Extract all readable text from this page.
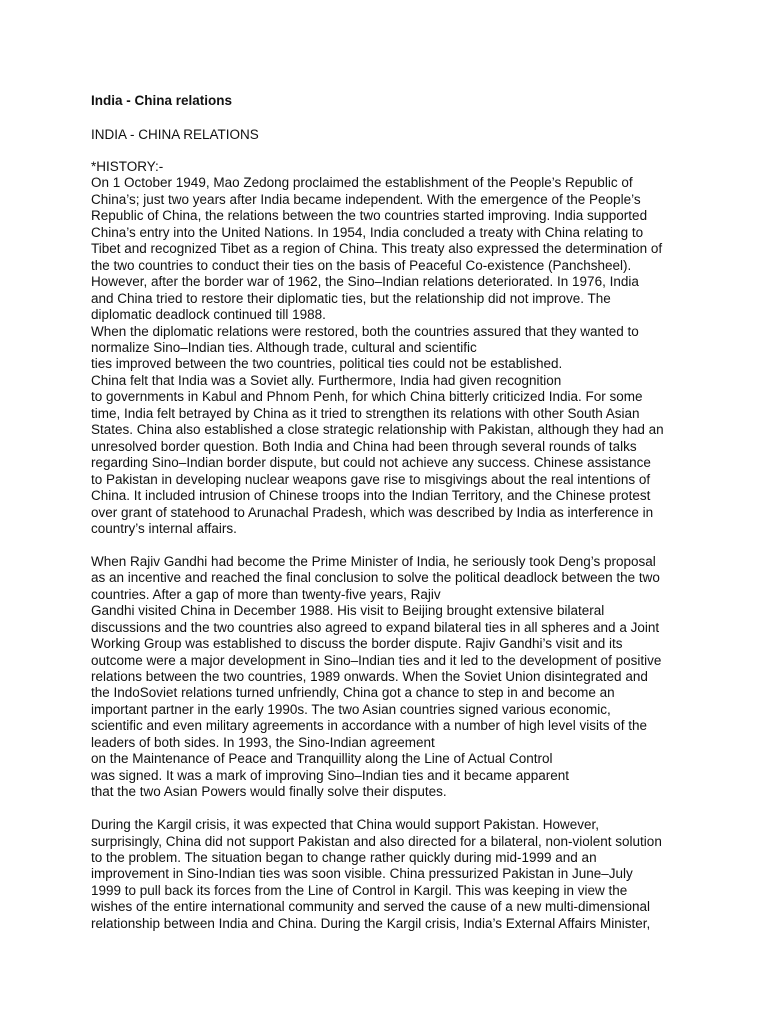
India - China relations
INDIA - CHINA RELATIONS
*HISTORY:-
On 1 October 1949, Mao Zedong proclaimed the establishment of the People’s Republic of
China’s; just two years after India became independent. With the emergence of the People’s
Republic of China, the relations between the two countries started improving. India supported
China’s entry into the United Nations. In 1954, India concluded a treaty with China relating to
Tibet and recognized Tibet as a region of China. This treaty also expressed the determination of
the two countries to conduct their ties on the basis of Peaceful Co-existence (Panchsheel).
However, after the border war of 1962, the Sino–Indian relations deteriorated. In 1976, India
and China tried to restore their diplomatic ties, but the relationship did not improve. The
diplomatic deadlock continued till 1988.
When the diplomatic relations were restored, both the countries assured that they wanted to
normalize Sino–Indian ties. Although trade, cultural and scientific
ties improved between the two countries, political ties could not be established.
China felt that India was a Soviet ally. Furthermore, India had given recognition
to governments in Kabul and Phnom Penh, for which China bitterly criticized India. For some
time, India felt betrayed by China as it tried to strengthen its relations with other South Asian
States. China also established a close strategic relationship with Pakistan, although they had an
unresolved border question. Both India and China had been through several rounds of talks
regarding Sino–Indian border dispute, but could not achieve any success. Chinese assistance
to Pakistan in developing nuclear weapons gave rise to misgivings about the real intentions of
China. It included intrusion of Chinese troops into the Indian Territory, and the Chinese protest
over grant of statehood to Arunachal Pradesh, which was described by India as interference in
country’s internal affairs.
When Rajiv Gandhi had become the Prime Minister of India, he seriously took Deng’s proposal
as an incentive and reached the final conclusion to solve the political deadlock between the two
countries. After a gap of more than twenty-five years, Rajiv
Gandhi visited China in December 1988. His visit to Beijing brought extensive bilateral
discussions and the two countries also agreed to expand bilateral ties in all spheres and a Joint
Working Group was established to discuss the border dispute. Rajiv Gandhi’s visit and its
outcome were a major development in Sino–Indian ties and it led to the development of positive
relations between the two countries, 1989 onwards. When the Soviet Union disintegrated and
the IndoSoviet relations turned unfriendly, China got a chance to step in and become an
important partner in the early 1990s. The two Asian countries signed various economic,
scientific and even military agreements in accordance with a number of high level visits of the
leaders of both sides. In 1993, the Sino-Indian agreement
on the Maintenance of Peace and Tranquillity along the Line of Actual Control
was signed. It was a mark of improving Sino–Indian ties and it became apparent
that the two Asian Powers would finally solve their disputes.
During the Kargil crisis, it was expected that China would support Pakistan. However,
surprisingly, China did not support Pakistan and also directed for a bilateral, non-violent solution
to the problem. The situation began to change rather quickly during mid-1999 and an
improvement in Sino-Indian ties was soon visible. China pressurized Pakistan in June–July
1999 to pull back its forces from the Line of Control in Kargil. This was keeping in view the
wishes of the entire international community and served the cause of a new multi-dimensional
relationship between India and China. During the Kargil crisis, India’s External Affairs Minister,
